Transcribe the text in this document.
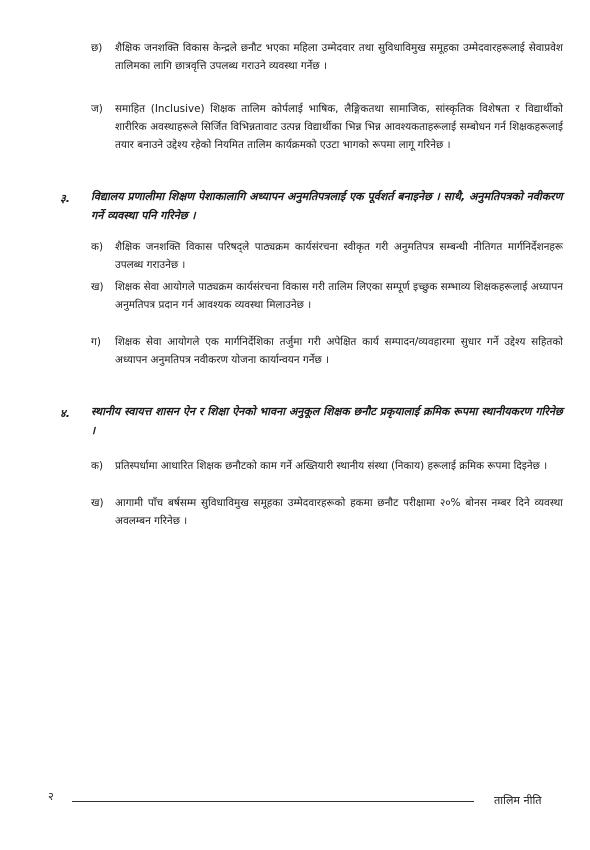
छ)	शैक्षिक जनशक्ति विकास केन्द्रले छनौट भएका महिला उम्मेदवार तथा सुविधाविमुख समूहका उम्मेदवारहरूलाई सेवाप्रवेश तालिमका लागि छात्रवृत्ति उपलब्ध गराउने व्यवस्था गर्नेछ ।
ज)	समाहित (Inclusive) शिक्षक तालिम कोर्पलाई भाषिक, लैङ्गिकतथा सामाजिक, सांस्कृतिक विशेषता र विद्यार्थीको शारीरिक अवस्थाहरूले सिर्जित विभिन्नतावाट उत्पन्न विद्यार्थीका भिन्न भिन्न आवश्यकताहरूलाई सम्बोधन गर्न शिक्षकहरूलाई तयार बनाउने उद्देश्य रहेको नियमित तालिम कार्यक्रमको एउटा भागको रूपमा लागू गरिनेछ ।
३. विद्यालय प्रणालीमा शिक्षण पेशाकालागि अध्यापन अनुमतिपत्रलाई एक पूर्वशर्त बनाइनेछ । साथै, अनुमतिपत्रको नवीकरण गर्ने व्यवस्था पनि गरिनेछ ।
क)	शैक्षिक जनशक्ति विकास परिषद्ले पाठ्यक्रम कार्यसंरचना स्वीकृत गरी अनुमतिपत्र सम्बन्धी नीतिगत मार्गनिर्देशनहरू उपलब्ध गराउनेछ ।
ख)	शिक्षक सेवा आयोगले पाठ्यक्रम कार्यसंरचना विकास गरी तालिम लिएका सम्पूर्ण इच्छुक सम्भाव्य शिक्षकहरूलाई अध्यापन अनुमतिपत्र प्रदान गर्न आवश्यक व्यवस्था मिलाउनेछ ।
ग)	शिक्षक सेवा आयोगले एक मार्गनिर्देशिका तर्जुमा गरी अपेक्षित कार्य सम्पादन/व्यवहारमा सुधार गर्ने उद्देश्य सहितको अध्यापन अनुमतिपत्र नवीकरण योजना कार्यान्वयन गर्नेछ ।
४. स्थानीय स्वायत्त शासन ऐन र शिक्षा ऐनको भावना अनुकूल शिक्षक छनौट प्रकृयालाई क्रमिक रूपमा स्थानीयकरण गरिनेछ ।
क)	प्रतिस्पर्धामा आधारित शिक्षक छनौटको काम गर्ने अख्तियारी स्थानीय संस्था (निकाय) हरूलाई क्रमिक रूपमा दिइनेछ ।
ख)	आगामी पाँच बर्षसम्म सुविधाविमुख समूहका उम्मेदवारहरूको हकमा छनौट परीक्षामा २०% बोनस नम्बर दिने व्यवस्था अवलम्बन गरिनेछ ।
२	तालिम नीति
